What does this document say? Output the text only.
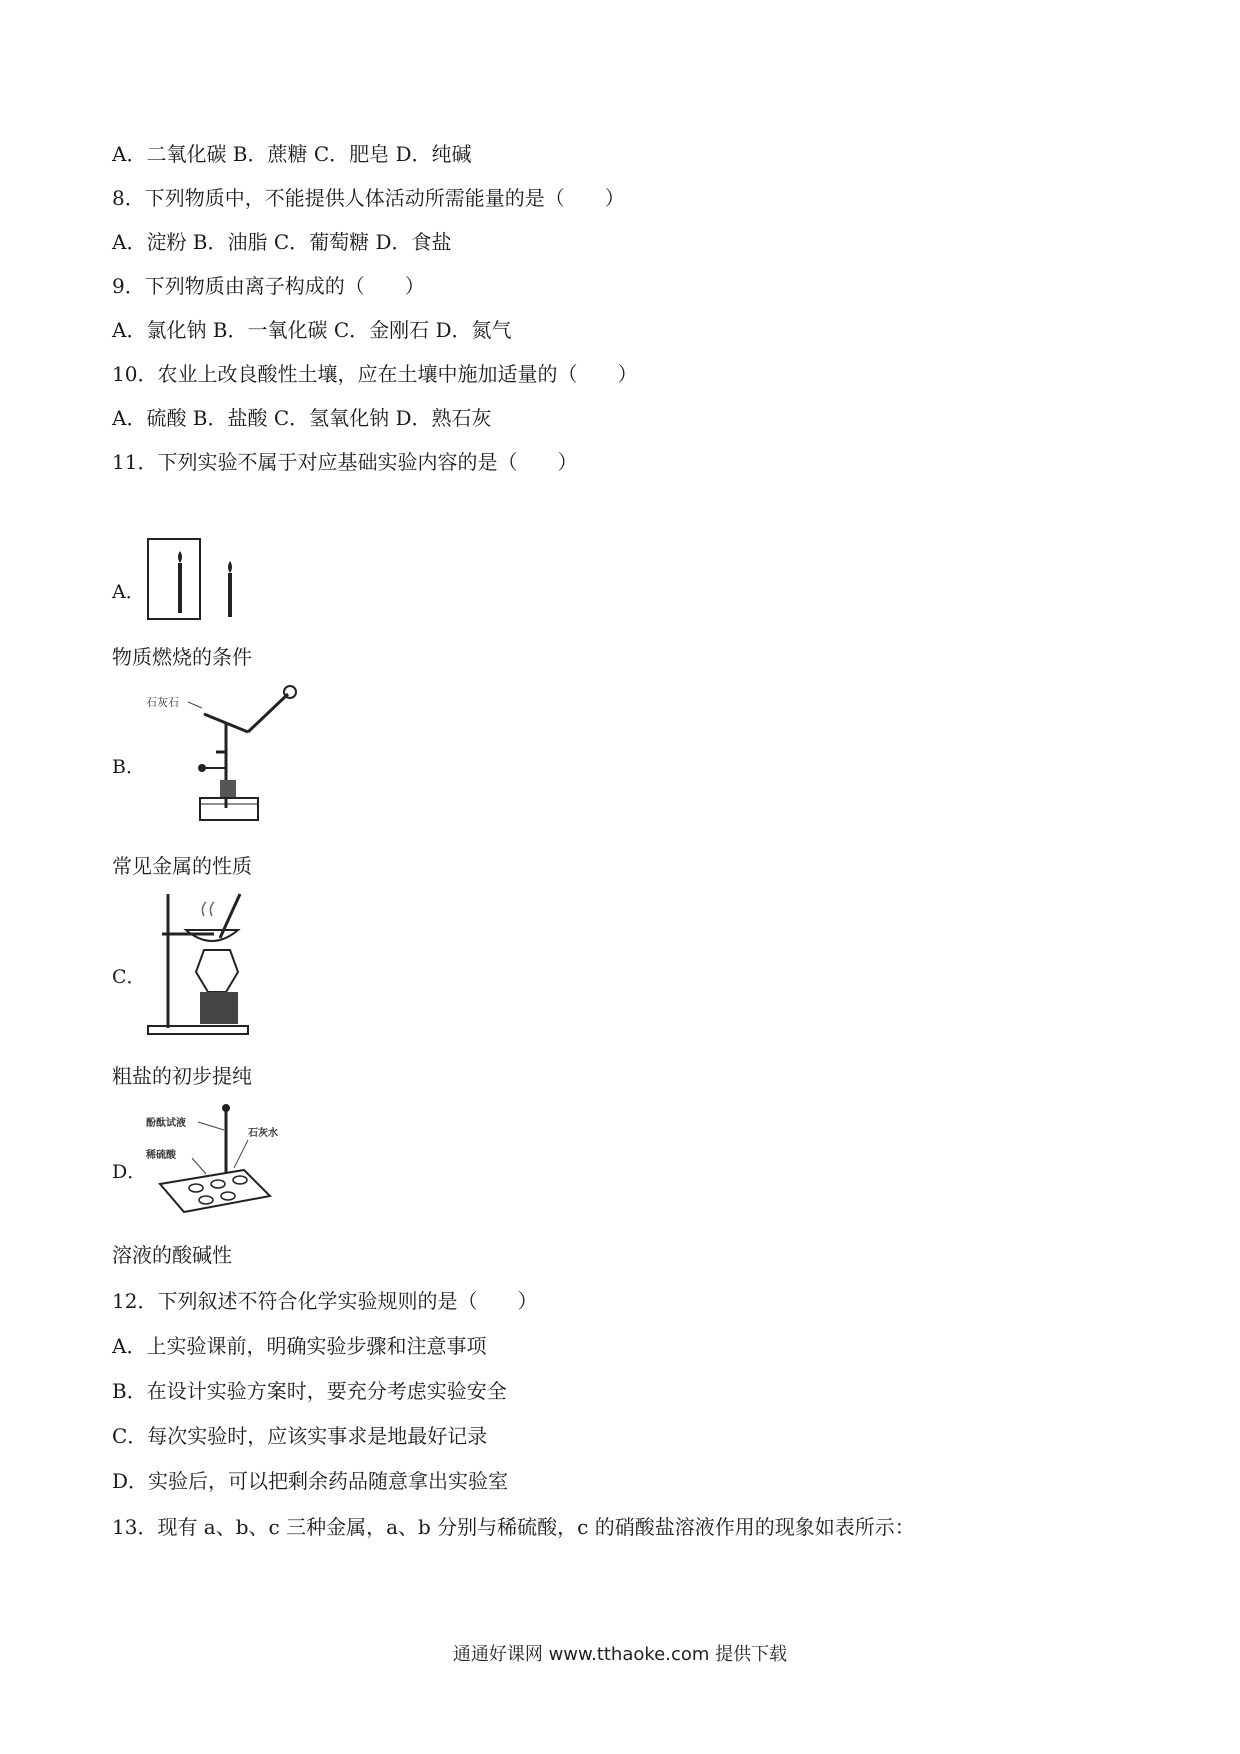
A．二氧化碳 B．蔗糖 C．肥皂 D．纯碱
8．下列物质中，不能提供人体活动所需能量的是（　　）
A．淀粉 B．油脂 C．葡萄糖 D．食盐
9．下列物质由离子构成的（　　）
A．氯化钠 B．一氧化碳 C．金刚石 D．氮气
10．农业上改良酸性土壤，应在土壤中施加适量的（　　）
A．硫酸 B．盐酸 C．氢氧化钠 D．熟石灰
11．下列实验不属于对应基础实验内容的是（　　）
A．
物质燃烧的条件
B．
石灰石
常见金属的性质
C．
粗盐的初步提纯
D．
酚酞试液
石灰水
稀硫酸
溶液的酸碱性
12．下列叙述不符合化学实验规则的是（　　）
A．上实验课前，明确实验步骤和注意事项
B．在设计实验方案时，要充分考虑实验安全
C．每次实验时，应该实事求是地最好记录
D．实验后，可以把剩余药品随意拿出实验室
13．现有 a、b、c 三种金属，a、b 分别与稀硫酸，c 的硝酸盐溶液作用的现象如表所示：
通通好课网 www.tthaoke.com 提供下载
